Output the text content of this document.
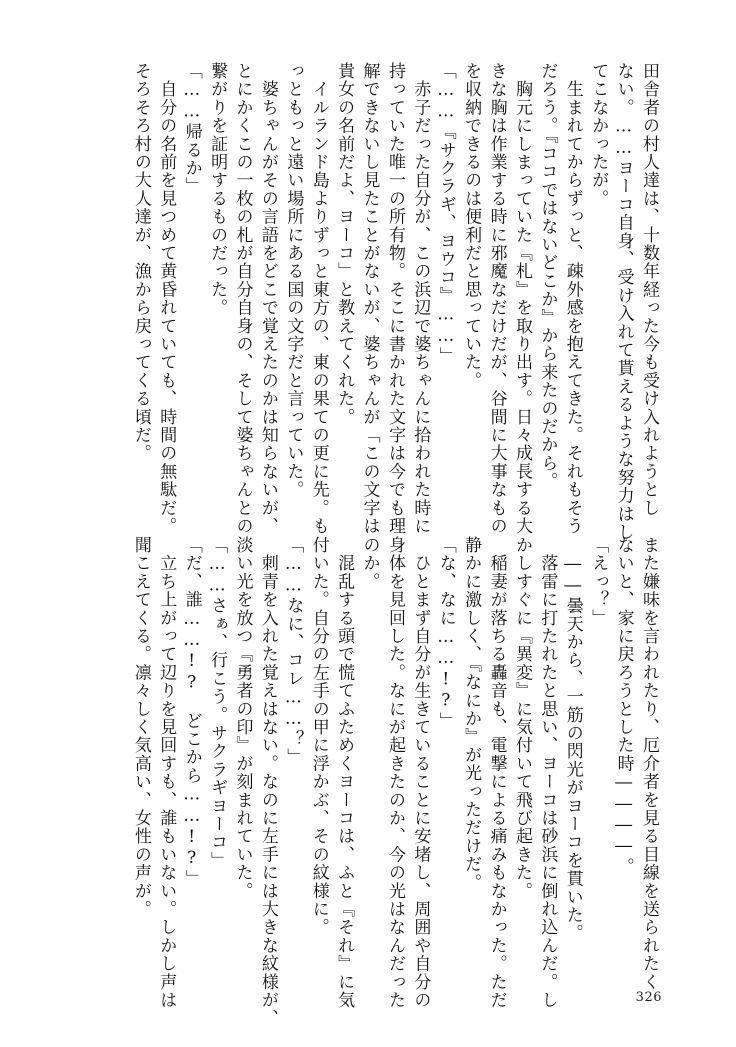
田舎者の村人達は、十数年経った今も受け入れようとし
ない。……ヨーコ自身、受け入れて貰えるような努力はし
てこなかったが。
　生まれてからずっと、疎外感を抱えてきた。それもそう
だろう。『ココではないどこか』から来たのだから。
　胸元にしまっていた『札』を取り出す。日々成長する大
きな胸は作業する時に邪魔なだけだが、谷間に大事なもの
を収納できるのは便利だと思っていた。
「……『サクラギ、ヨウコ』……」
　赤子だった自分が、この浜辺で婆ちゃんに拾われた時に
持っていた唯一の所有物。そこに書かれた文字は今でも理
解できないし見たことがないが、婆ちゃんが「この文字は
貴女の名前だよ、ヨーコ」と教えてくれた。
　イルランド島よりずっと東方の、東の果ての更に先。も
っともっと遠い場所にある国の文字だと言っていた。
　婆ちゃんがその言語をどこで覚えたのかは知らないが、
とにかくこの一枚の札が自分自身の、そして婆ちゃんとの
繋がりを証明するものだった。
「……帰るか」
　自分の名前を見つめて黄昏れていても、時間の無駄だ。
そろそろ村の大人達が、漁から戻ってくる頃だ。
また嫌味を言われたり、厄介者を見る目線を送られたく
ないと、家に戻ろうとした時――――。
「えっ？」
　――曇天から、一筋の閃光がヨーコを貫いた。
　落雷に打たれたと思い、ヨーコは砂浜に倒れ込んだ。し
かしすぐに『異変』に気付いて飛び起きた。
　稲妻が落ちる轟音も、電撃による痛みもなかった。ただ
静かに激しく、『なにか』が光っただけだ。
「な、なに……!?」
　ひとまず自分が生きていることに安堵し、周囲や自分の
身体を見回した。なにが起きたのか、今の光はなんだった
のか。
　混乱する頭で慌てふためくヨーコは、ふと『それ』に気
付いた。自分の左手の甲に浮かぶ、その紋様に。
「……なに、コレ……？」
　刺青を入れた覚えはない。なのに左手には大きな紋様が、
淡い光を放つ『勇者の印』が刻まれていた。
「……さぁ、行こう。サクラギヨーコ」
「だ、誰……!?　どこから……!?」
　立ち上がって辺りを見回すも、誰もいない。しかし声は
聞こえてくる。凛々しく気高い、女性の声が。
326
